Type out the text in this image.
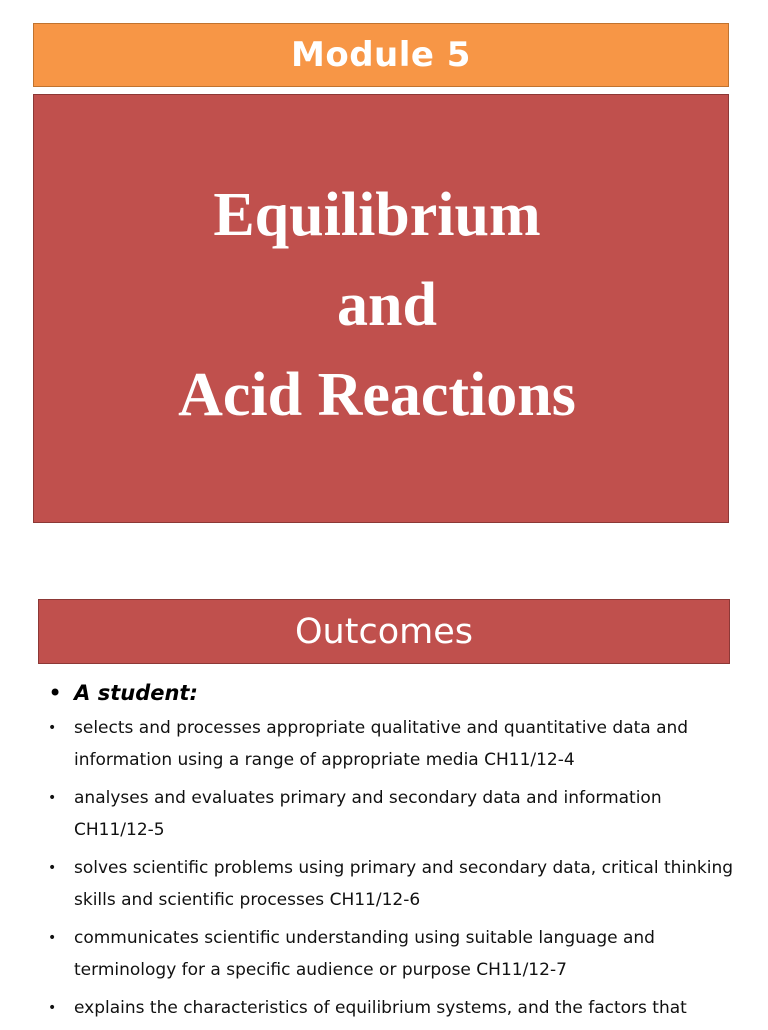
Module 5
Equilibrium
and
Acid Reactions
Outcomes
• A student:
• selects and processes appropriate qualitative and quantitative data and information using a range of appropriate media CH11/12-4
• analyses and evaluates primary and secondary data and information CH11/12-5
• solves scientific problems using primary and secondary data, critical thinking skills and scientific processes CH11/12-6
• communicates scientific understanding using suitable language and terminology for a specific audience or purpose CH11/12-7
• explains the characteristics of equilibrium systems, and the factors that
